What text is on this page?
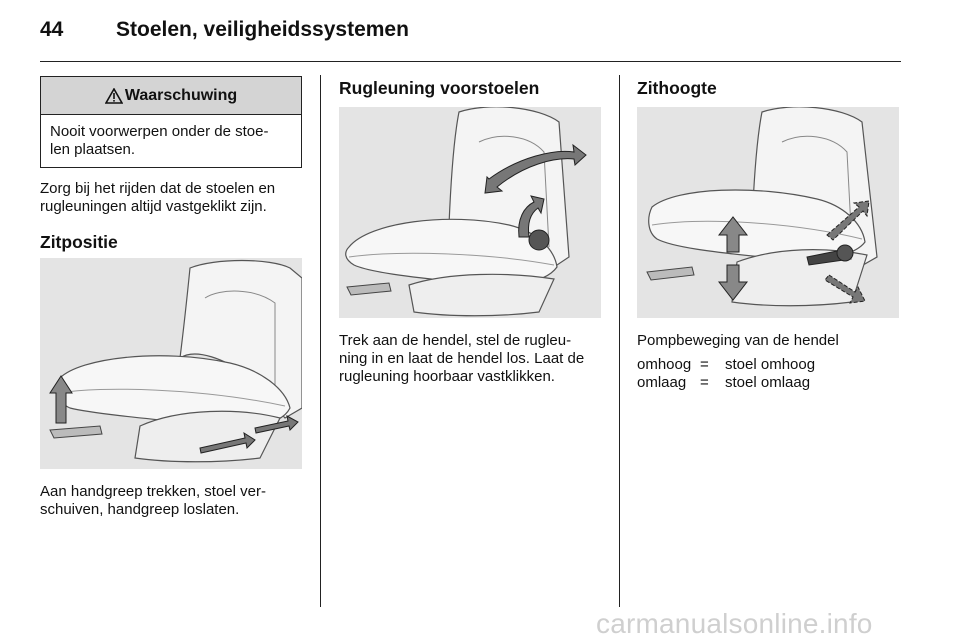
44	Stoelen, veiligheidssystemen
Waarschuwing
Nooit voorwerpen onder de stoe-
len plaatsen.
Zorg bij het rijden dat de stoelen en rugleuningen altijd vastgeklikt zijn.
Zitpositie
Aan handgreep trekken, stoel ver-
schuiven, handgreep loslaten.
Rugleuning voorstoelen
Trek aan de hendel, stel de rugleu-
ning in en laat de hendel los. Laat de rugleuning hoorbaar vastklikken.
Zithoogte
Pompbeweging van de hendel
omhoog = stoel omhoog
omlaag = stoel omlaag
carmanualsonline.info
